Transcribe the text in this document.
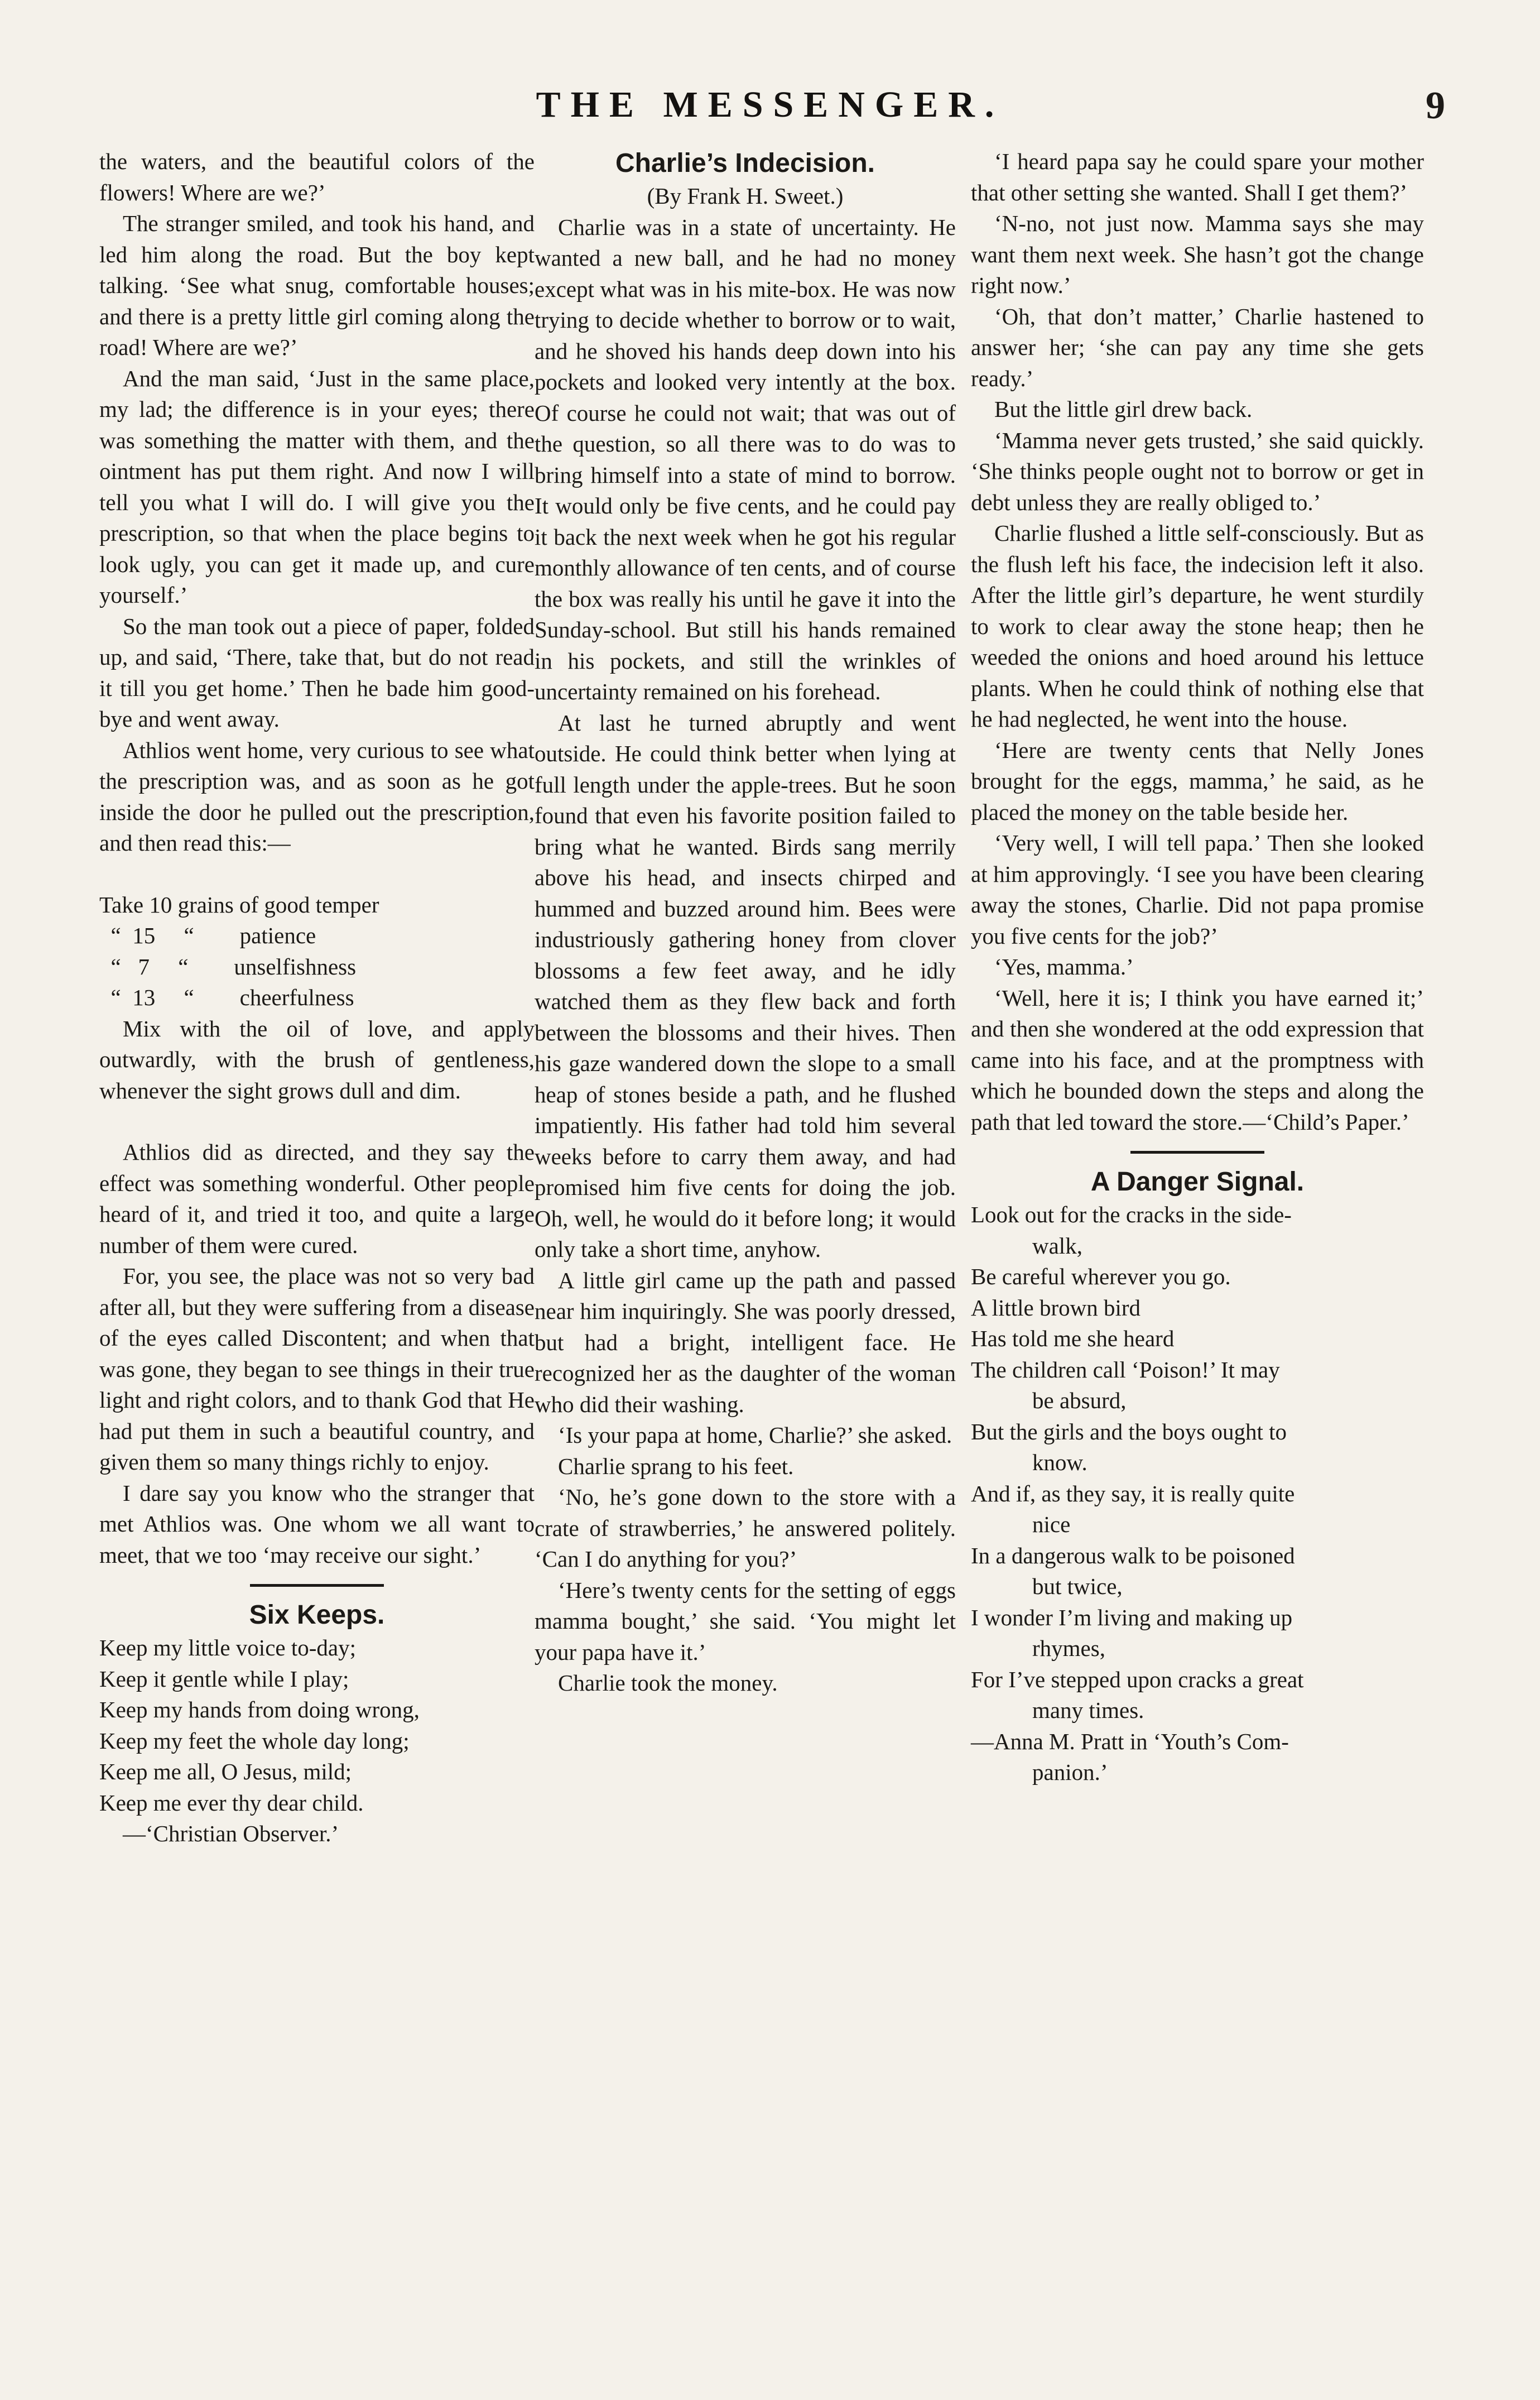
THE MESSENGER.	9

the waters, and the beautiful colors of the flowers! Where are we?’

The stranger smiled, and took his hand, and led him along the road. But the boy kept talking. ‘See what snug, comfortable houses; and there is a pretty little girl coming along the road! Where are we?’

And the man said, ‘Just in the same place, my lad; the difference is in your eyes; there was something the matter with them, and the ointment has put them right. And now I will tell you what I will do. I will give you the prescription, so that when the place begins to look ugly, you can get it made up, and cure yourself.’

So the man took out a piece of paper, folded up, and said, ‘There, take that, but do not read it till you get home.’ Then he bade him good-bye and went away.

Athlios went home, very curious to see what the prescription was, and as soon as he got inside the door he pulled out the prescription, and then read this:—

Take 10 grains of good temper
“  15     “        patience
“   7     “        unselfishness
“  13     “        cheerfulness

Mix with the oil of love, and apply outwardly, with the brush of gentleness, whenever the sight grows dull and dim.

Athlios did as directed, and they say the effect was something wonderful. Other people heard of it, and tried it too, and quite a large number of them were cured.

For, you see, the place was not so very bad after all, but they were suffering from a disease of the eyes called Discontent; and when that was gone, they began to see things in their true light and right colors, and to thank God that He had put them in such a beautiful country, and given them so many things richly to enjoy.

I dare say you know who the stranger that met Athlios was. One whom we all want to meet, that we too ‘may receive our sight.’

Six Keeps.
Keep my little voice to-day;
Keep it gentle while I play;
Keep my hands from doing wrong,
Keep my feet the whole day long;
Keep me all, O Jesus, mild;
Keep me ever thy dear child.

—‘Christian Observer.’

Charlie’s Indecision.
(By Frank H. Sweet.)

Charlie was in a state of uncertainty. He wanted a new ball, and he had no money except what was in his mite-box. He was now trying to decide whether to borrow or to wait, and he shoved his hands deep down into his pockets and looked very intently at the box. Of course he could not wait; that was out of the question, so all there was to do was to bring himself into a state of mind to borrow. It would only be five cents, and he could pay it back the next week when he got his regular monthly allowance of ten cents, and of course the box was really his until he gave it into the Sunday-school. But still his hands remained in his pockets, and still the wrinkles of uncertainty remained on his forehead.

At last he turned abruptly and went outside. He could think better when lying at full length under the apple-trees. But he soon found that even his favorite position failed to bring what he wanted. Birds sang merrily above his head, and insects chirped and hummed and buzzed around him. Bees were industriously gathering honey from clover blossoms a few feet away, and he idly watched them as they flew back and forth between the blossoms and their hives. Then his gaze wandered down the slope to a small heap of stones beside a path, and he flushed impatiently. His father had told him several weeks before to carry them away, and had promised him five cents for doing the job. Oh, well, he would do it before long; it would only take a short time, anyhow.

A little girl came up the path and passed near him inquiringly. She was poorly dressed, but had a bright, intelligent face. He recognized her as the daughter of the woman who did their washing.

‘Is your papa at home, Charlie?’ she asked.

Charlie sprang to his feet.

‘No, he’s gone down to the store with a crate of strawberries,’ he answered politely. ‘Can I do anything for you?’

‘Here’s twenty cents for the setting of eggs mamma bought,’ she said. ‘You might let your papa have it.’

Charlie took the money.

‘I heard papa say he could spare your mother that other setting she wanted. Shall I get them?’

‘N-no, not just now. Mamma says she may want them next week. She hasn’t got the change right now.’

‘Oh, that don’t matter,’ Charlie hastened to answer her; ‘she can pay any time she gets ready.’

But the little girl drew back.

‘Mamma never gets trusted,’ she said quickly. ‘She thinks people ought not to borrow or get in debt unless they are really obliged to.’

Charlie flushed a little self-consciously. But as the flush left his face, the indecision left it also. After the little girl’s departure, he went sturdily to work to clear away the stone heap; then he weeded the onions and hoed around his lettuce plants. When he could think of nothing else that he had neglected, he went into the house.

‘Here are twenty cents that Nelly Jones brought for the eggs, mamma,’ he said, as he placed the money on the table beside her.

‘Very well, I will tell papa.’ Then she looked at him approvingly. ‘I see you have been clearing away the stones, Charlie. Did not papa promise you five cents for the job?’

‘Yes, mamma.’

‘Well, here it is; I think you have earned it;’ and then she wondered at the odd expression that came into his face, and at the promptness with which he bounded down the steps and along the path that led toward the store.—‘Child’s Paper.’

A Danger Signal.
Look out for the cracks in the side-
walk,
Be careful wherever you go.
A little brown bird
Has told me she heard
The children call ‘Poison!’ It may
be absurd,
But the girls and the boys ought to
know.
And if, as they say, it is really quite
nice
In a dangerous walk to be poisoned
but twice,
I wonder I’m living and making up
rhymes,
For I’ve stepped upon cracks a great
many times.
—Anna M. Pratt in ‘Youth’s Com-
panion.’
